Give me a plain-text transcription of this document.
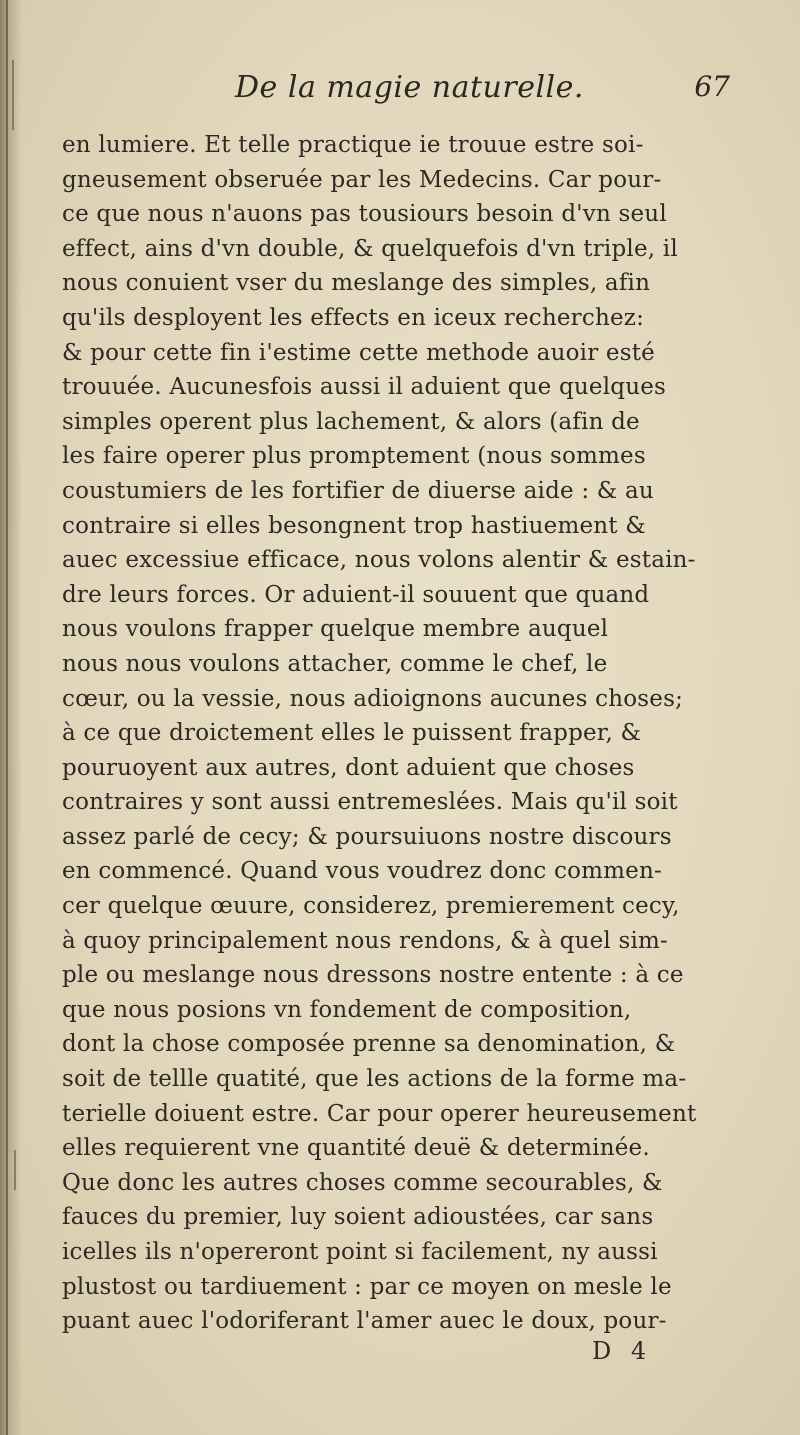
De la magie naturelle.	67
en lumiere. Et telle practique ie trouue estre soi-
gneusement obseruée par les Medecins. Car pour-
ce que nous n'auons pas tousiours besoin d'vn seul
effect, ains d'vn double, & quelquefois d'vn triple, il
nous conuient vser du meslange des simples, afin
qu'ils desployent les effects en iceux recherchez:
& pour cette fin i'estime cette methode auoir esté
trouuée. Aucunesfois aussi il aduient que quelques
simples operent plus lachement, & alors (afin de
les faire operer plus promptement (nous sommes
coustumiers de les fortifier de diuerse aide : & au
contraire si elles besongnent trop hastiuement &
auec excessiue efficace, nous volons alentir & estain-
dre leurs forces. Or aduient-il souuent que quand
nous voulons frapper quelque membre auquel
nous nous voulons attacher, comme le chef, le
cœur, ou la vessie, nous adioignons aucunes choses;
à ce que droictement elles le puissent frapper, &
pouruoyent aux autres, dont aduient que choses
contraires y sont aussi entremeslées. Mais qu'il soit
assez parlé de cecy; & poursuiuons nostre discours
en commencé. Quand vous voudrez donc commen-
cer quelque œuure, considerez, premierement cecy,
à quoy principalement nous rendons, & à quel sim-
ple ou meslange nous dressons nostre entente : à ce
que nous posions vn fondement de composition,
dont la chose composée prenne sa denomination, &
soit de tellle quatité, que les actions de la forme ma-
terielle doiuent estre. Car pour operer heureusement
elles requierent vne quantité deuë & determinée.
Que donc les autres choses comme secourables, &
fauces du premier, luy soient adioustées, car sans
icelles ils n'opereront point si facilement, ny aussi
plustost ou tardiuement : par ce moyen on mesle le
puant auec l'odoriferant l'amer auec le doux, pour-
D 4
